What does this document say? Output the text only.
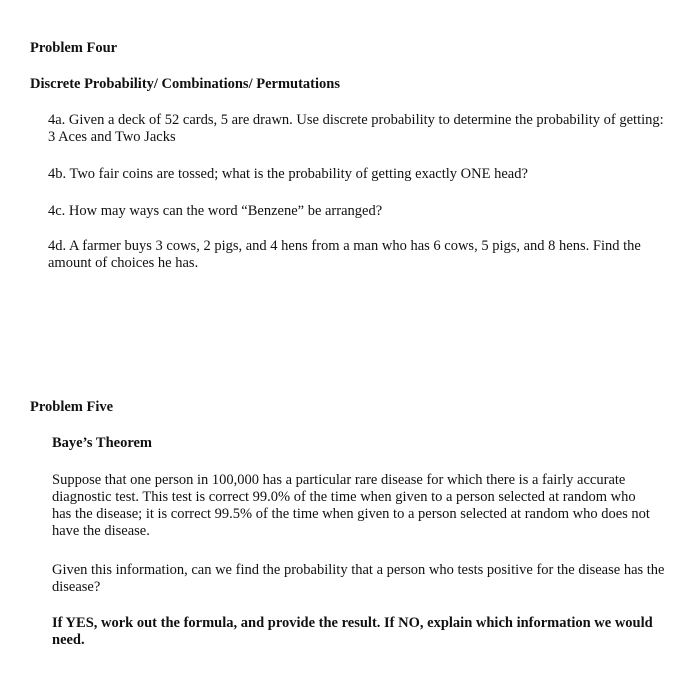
Problem Four
Discrete Probability/ Combinations/ Permutations
4a. Given a deck of 52 cards, 5 are drawn. Use discrete probability to determine the probability of getting: 3 Aces and Two Jacks
4b. Two fair coins are tossed; what is the probability of getting exactly ONE head?
4c. How may ways can the word “Benzene” be arranged?
4d. A farmer buys 3 cows, 2 pigs, and 4 hens from a man who has 6 cows, 5 pigs, and 8 hens. Find the amount of choices he has.
Problem Five
Baye’s Theorem
Suppose that one person in 100,000 has a particular rare disease for which there is a fairly accurate diagnostic test. This test is correct 99.0% of the time when given to a person selected at random who has the disease; it is correct 99.5% of the time when given to a person selected at random who does not have the disease.
Given this information, can we find the probability that a person who tests positive for the disease has the disease?
If YES, work out the formula, and provide the result. If NO, explain which information we would need.
